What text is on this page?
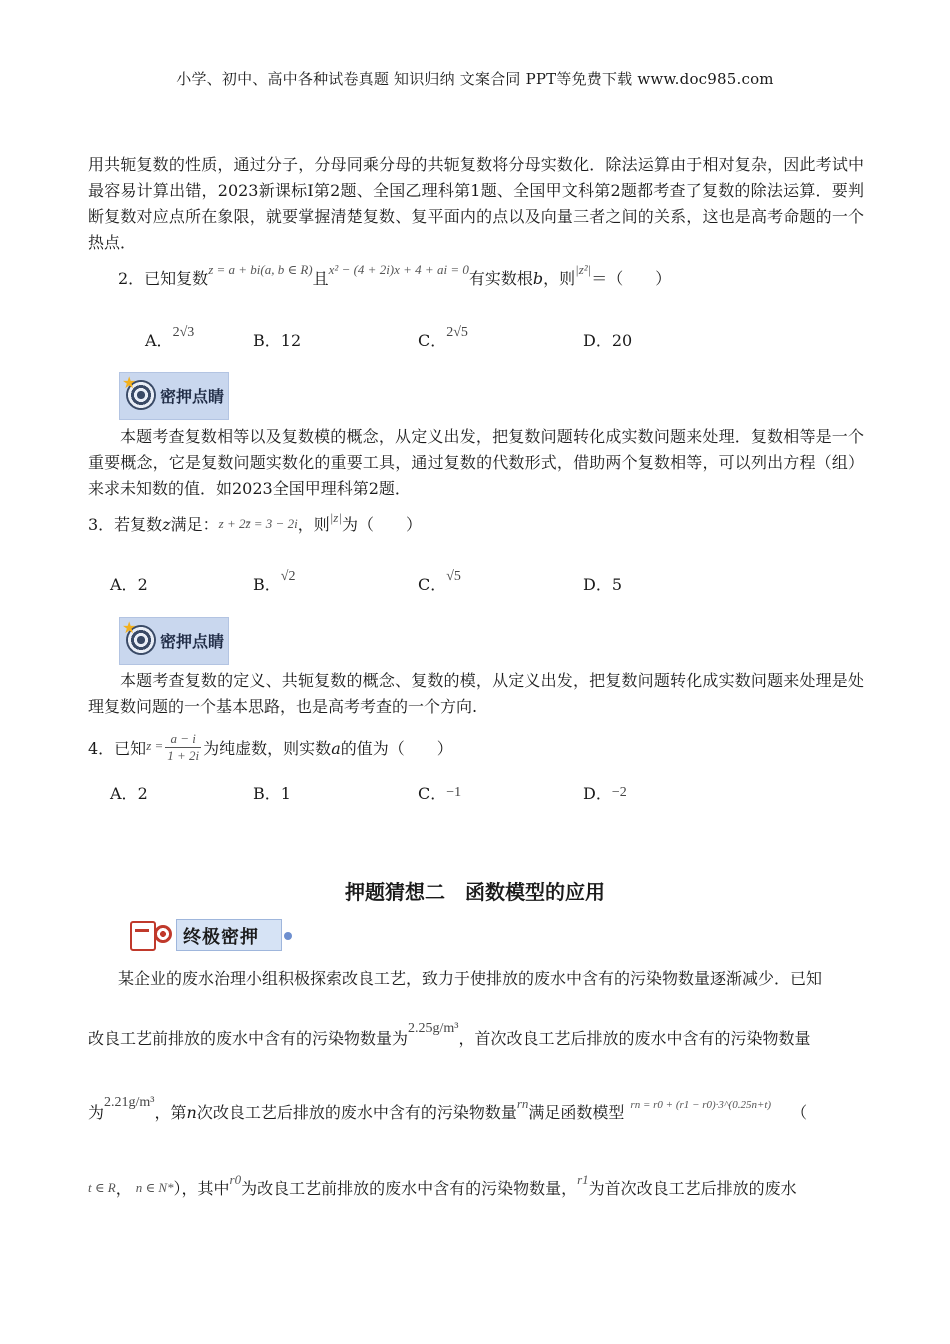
小学、初中、高中各种试卷真题 知识归纳 文案合同 PPT等免费下载 www.doc985.com
用共轭复数的性质，通过分子，分母同乘分母的共轭复数将分母实数化．除法运算由于相对复杂，因此考试中最容易计算出错，2023新课标I第2题、全国乙理科第1题、全国甲文科第2题都考查了复数的除法运算．要判断复数对应点所在象限，就要掌握清楚复数、复平面内的点以及向量三者之间的关系，这也是高考命题的一个热点．
2．已知复数$^{z = a + bi(a, b \in R)}$且$^{x^2 - (4 + 2i)x + 4 + ai = 0}$有实数根b，则$^{|z^2|}$＝（　　）
A．2√3	B．12	C．2√5	D．20
★
密押点睛
本题考查复数相等以及复数模的概念，从定义出发，把复数问题转化成实数问题来处理．复数相等是一个重要概念，它是复数问题实数化的重要工具，通过复数的代数形式，借助两个复数相等，可以列出方程（组）来求未知数的值．如2023全国甲理科第2题．
3．若复数z满足：z + 2z̄ = 3 − 2i，则$^{|z|}$为（　　）
A．2	B．√2	C．√5	D．5
★
密押点睛
本题考查复数的定义、共轭复数的概念、复数的模，从定义出发，把复数问题转化成实数问题来处理是处理复数问题的一个基本思路，也是高考考查的一个方向.
4．已知$^{z =} \frac{a - i}{1 + 2i}$ 为纯虚数，则实数a的值为（　　）
A．2	B．1	C．−1	D．−2
押题猜想二　函数模型的应用
终极密押
某企业的废水治理小组积极探索改良工艺，致力于使排放的废水中含有的污染物数量逐渐减少．已知
改良工艺前排放的废水中含有的污染物数量为2.25g/m³，首次改良工艺后排放的废水中含有的污染物数量
为2.21g/m³，第n次改良工艺后排放的废水中含有的污染物数量$^{rn}$满足函数模型 $^{rn = r0 + (r1 - r0)\cdot 3\^{}(0.25n+t)}$ （
t ∈ R， n ∈ N*），其中$^{r0}$为改良工艺前排放的废水中含有的污染物数量，$^{r1}$为首次改良工艺后排放的废水
